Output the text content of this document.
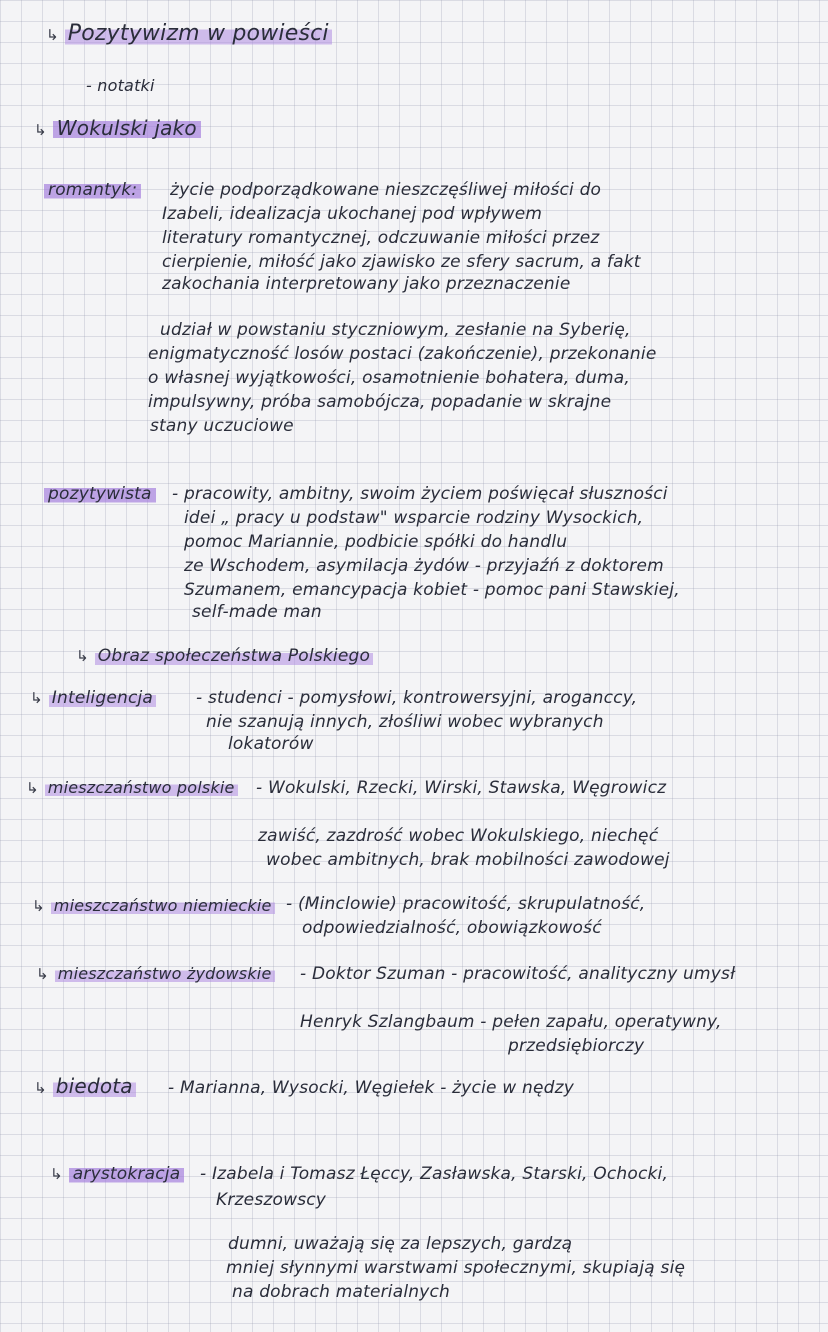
↳ Pozytywizm w powieści
- notatki
↳ Wokulski jako
romantyk: życie podporządkowane nieszczęśliwej miłości do
Izabeli, idealizacja ukochanej pod wpływem
literatury romantycznej, odczuwanie miłości przez
cierpienie, miłość jako zjawisko ze sfery sacrum, a fakt
zakochania interpretowany jako przeznaczenie
udział w powstaniu styczniowym, zesłanie na Syberię,
enigmatyczność losów postaci (zakończenie), przekonanie
o własnej wyjątkowości, osamotnienie bohatera, duma,
impulsywny, próba samobójcza, popadanie w skrajne
stany uczuciowe
pozytywista - pracowity, ambitny, swoim życiem poświęcał słuszności
idei „ pracy u podstaw" wsparcie rodziny Wysockich,
pomoc Mariannie, podbicie spółki do handlu
ze Wschodem, asymilacja żydów - przyjaźń z doktorem
Szumanem, emancypacja kobiet - pomoc pani Stawskiej,
self-made man
↳ Obraz społeczeństwa Polskiego
↳ Inteligencja	- studenci - pomysłowi, kontrowersyjni, aroganccy,
nie szanują innych, złośliwi wobec wybranych
lokatorów
↳ mieszczaństwo polskie - Wokulski, Rzecki, Wirski, Stawska, Węgrowicz
zawiść, zazdrość wobec Wokulskiego, niechęć
wobec ambitnych, brak mobilności zawodowej
↳ mieszczaństwo niemieckie - (Minclowie) pracowitość, skrupulatność,
odpowiedzialność, obowiązkowość
↳ mieszczaństwo żydowskie - Doktor Szuman - pracowitość, analityczny umysł
Henryk Szlangbaum - pełen zapału, operatywny,
przedsiębiorczy
↳ biedota - Marianna, Wysocki, Węgiełek - życie w nędzy
↳ arystokracja - Izabela i Tomasz Łęccy, Zasławska, Starski, Ochocki,
Krzeszowscy
dumni, uważają się za lepszych, gardzą
mniej słynnymi warstwami społecznymi, skupiają się
na dobrach materialnych
